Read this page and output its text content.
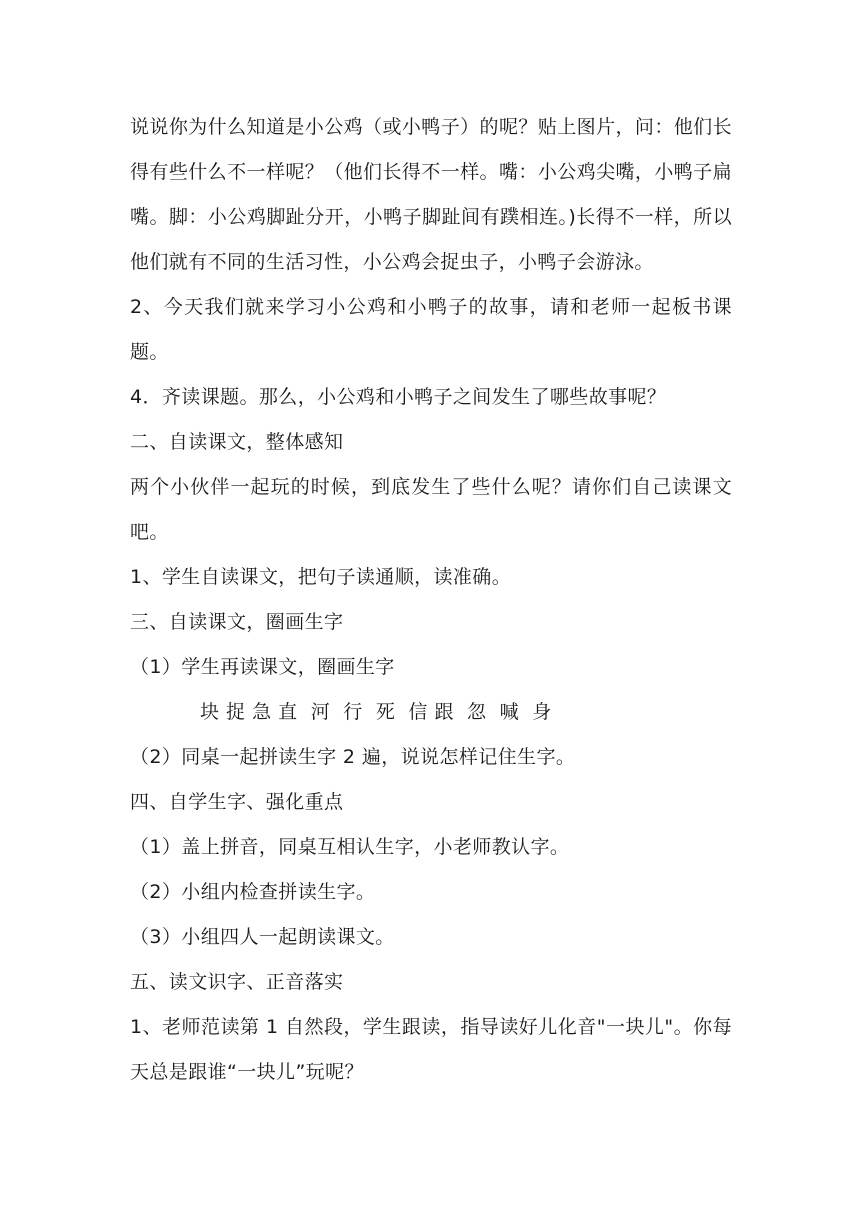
说说你为什么知道是小公鸡（或小鸭子）的呢？贴上图片，问：他们长得有些什么不一样呢？（他们长得不一样。嘴：小公鸡尖嘴，小鸭子扁嘴。脚：小公鸡脚趾分开，小鸭子脚趾间有蹼相连。)长得不一样，所以他们就有不同的生活习性，小公鸡会捉虫子，小鸭子会游泳。

2、今天我们就来学习小公鸡和小鸭子的故事，请和老师一起板书课题。

4．齐读课题。那么，小公鸡和小鸭子之间发生了哪些故事呢？

二、自读课文，整体感知

两个小伙伴一起玩的时候，到底发生了些什么呢？请你们自己读课文吧。

1、学生自读课文，把句子读通顺，读准确。

三、自读课文，圈画生字

（1）学生再读课文，圈画生字

块 捉 急 直  河  行  死  信 跟  忽  喊  身

（2）同桌一起拼读生字 2 遍，说说怎样记住生字。

四、自学生字、强化重点

（1）盖上拼音，同桌互相认生字，小老师教认字。

（2）小组内检查拼读生字。

（3）小组四人一起朗读课文。

五、读文识字、正音落实

1、老师范读第 1 自然段，学生跟读，指导读好儿化音"一块儿"。你每天总是跟谁“一块儿”玩呢？
